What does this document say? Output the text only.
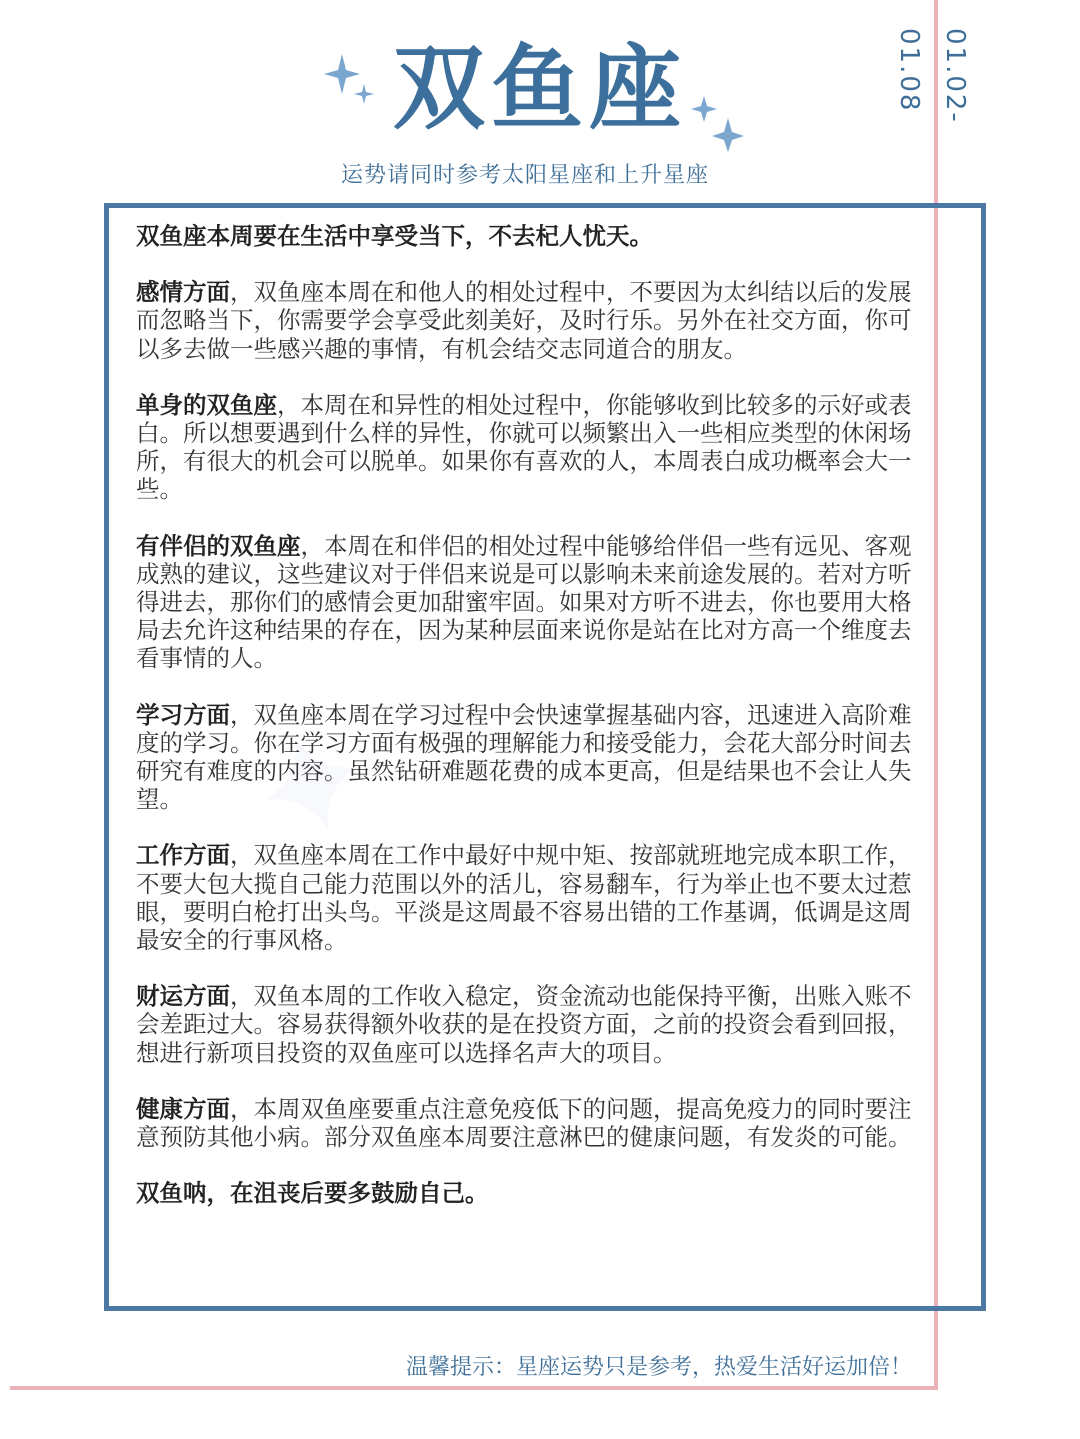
01.02-01.08
双鱼座
运势请同时参考太阳星座和上升星座
✦

双鱼座本周要在生活中享受当下，不去杞人忧天。

感情方面，双鱼座本周在和他人的相处过程中，不要因为太纠结以后的发展而忽略当下，你需要学会享受此刻美好，及时行乐。另外在社交方面，你可以多去做一些感兴趣的事情，有机会结交志同道合的朋友。

单身的双鱼座，本周在和异性的相处过程中，你能够收到比较多的示好或表白。所以想要遇到什么样的异性，你就可以频繁出入一些相应类型的休闲场所，有很大的机会可以脱单。如果你有喜欢的人，本周表白成功概率会大一些。

有伴侣的双鱼座，本周在和伴侣的相处过程中能够给伴侣一些有远见、客观成熟的建议，这些建议对于伴侣来说是可以影响未来前途发展的。若对方听得进去，那你们的感情会更加甜蜜牢固。如果对方听不进去，你也要用大格局去允许这种结果的存在，因为某种层面来说你是站在比对方高一个维度去看事情的人。

学习方面，双鱼座本周在学习过程中会快速掌握基础内容，迅速进入高阶难度的学习。你在学习方面有极强的理解能力和接受能力，会花大部分时间去研究有难度的内容。虽然钻研难题花费的成本更高，但是结果也不会让人失望。

工作方面，双鱼座本周在工作中最好中规中矩、按部就班地完成本职工作，不要大包大揽自己能力范围以外的活儿，容易翻车，行为举止也不要太过惹眼，要明白枪打出头鸟。平淡是这周最不容易出错的工作基调，低调是这周最安全的行事风格。

财运方面，双鱼本周的工作收入稳定，资金流动也能保持平衡，出账入账不会差距过大。容易获得额外收获的是在投资方面，之前的投资会看到回报，想进行新项目投资的双鱼座可以选择名声大的项目。

健康方面，本周双鱼座要重点注意免疫低下的问题，提高免疫力的同时要注意预防其他小病。部分双鱼座本周要注意淋巴的健康问题，有发炎的可能。

双鱼呐，在沮丧后要多鼓励自己。

温馨提示：星座运势只是参考，热爱生活好运加倍！
